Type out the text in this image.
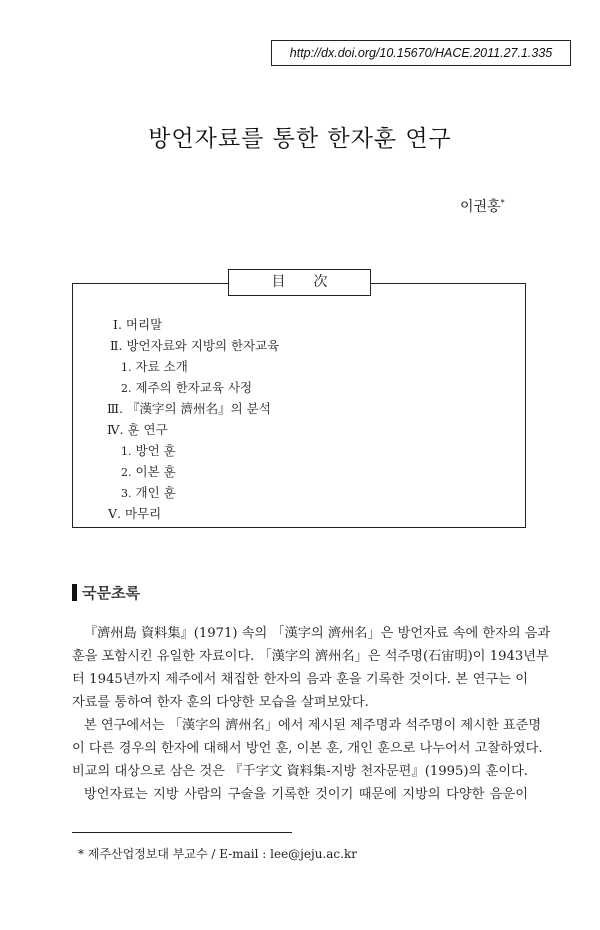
http://dx.doi.org/10.15670/HACE.2011.27.1.335
방언자료를 통한 한자훈 연구
이권홍*
目次
Ⅰ. 머리말
Ⅱ. 방언자료와 지방의 한자교육
1. 자료 소개
2. 제주의 한자교육 사정
Ⅲ. 『漢字의 濟州名』의 분석
Ⅳ. 훈 연구
1. 방언 훈
2. 이본 훈
3. 개인 훈
Ⅴ. 마무리
국문초록
『濟州島 資料集』(1971) 속의 「漢字의 濟州名」은 방언자료 속에 한자의 음과
훈을 포함시킨 유일한 자료이다. 「漢字의 濟州名」은 석주명(石宙明)이 1943년부
터 1945년까지 제주에서 채집한 한자의 음과 훈을 기록한 것이다. 본 연구는 이
자료를 통하여 한자 훈의 다양한 모습을 살펴보았다.
본 연구에서는 「漢字의 濟州名」에서 제시된 제주명과 석주명이 제시한 표준명
이 다른 경우의 한자에 대해서 방언 훈, 이본 훈, 개인 훈으로 나누어서 고찰하였다.
비교의 대상으로 삼은 것은 『千字文 資料集-지방 천자문편』(1995)의 훈이다.
방언자료는 지방 사람의 구술을 기록한 것이기 때문에 지방의 다양한 음운이
* 제주산업정보대 부교수 / E-mail : lee@jeju.ac.kr
